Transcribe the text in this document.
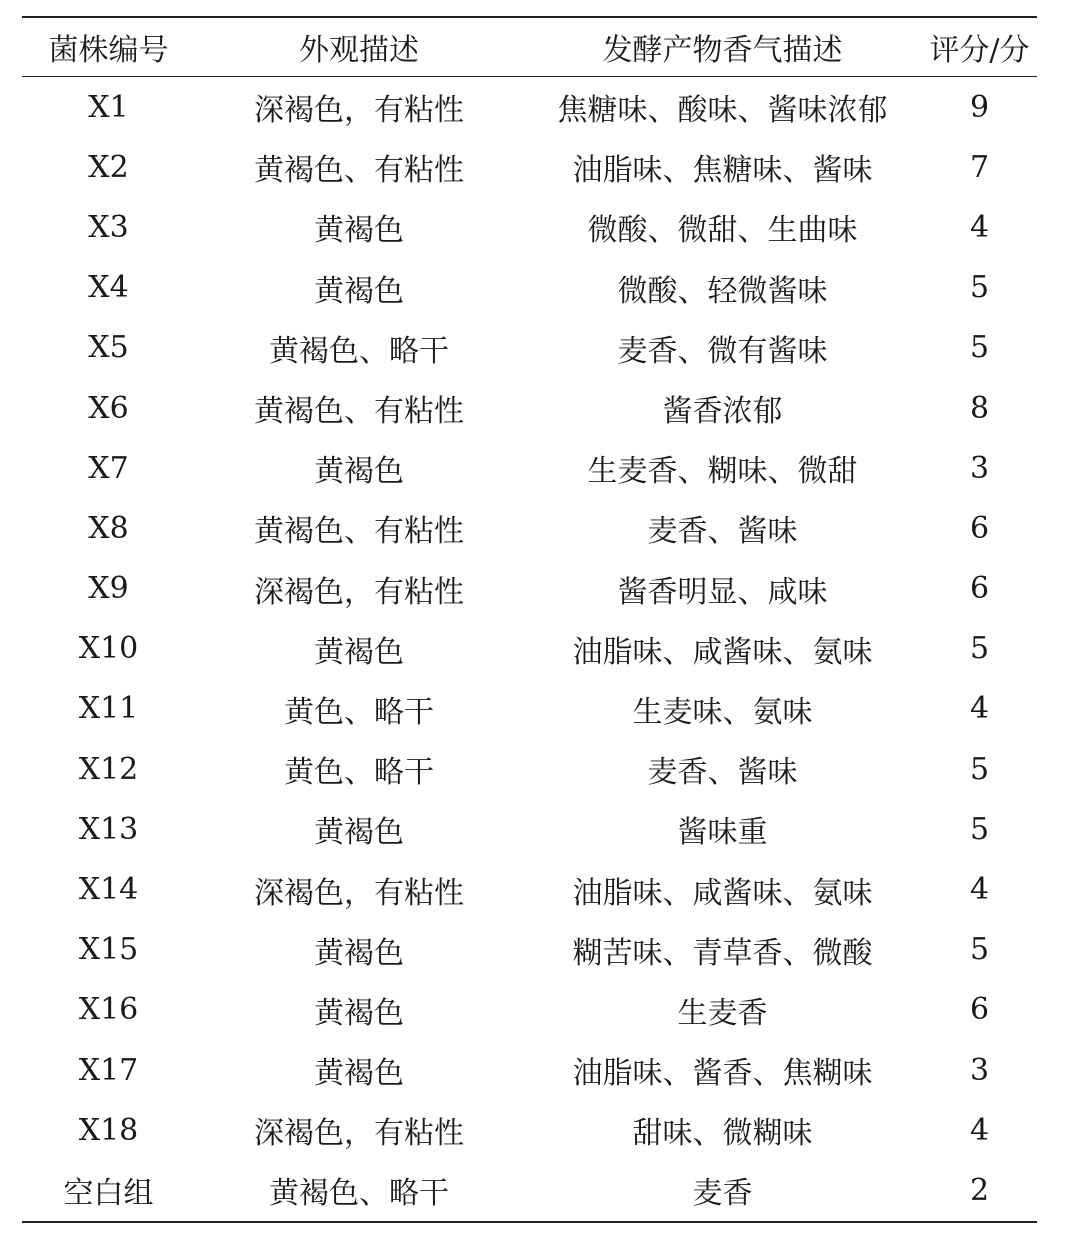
菌株编号	外观描述	发酵产物香气描述	评分/分
X1	深褐色，有粘性	焦糖味、酸味、酱味浓郁	9
X2	黄褐色、有粘性	油脂味、焦糖味、酱味	7
X3	黄褐色	微酸、微甜、生曲味	4
X4	黄褐色	微酸、轻微酱味	5
X5	黄褐色、略干	麦香、微有酱味	5
X6	黄褐色、有粘性	酱香浓郁	8
X7	黄褐色	生麦香、糊味、微甜	3
X8	黄褐色、有粘性	麦香、酱味	6
X9	深褐色，有粘性	酱香明显、咸味	6
X10	黄褐色	油脂味、咸酱味、氨味	5
X11	黄色、略干	生麦味、氨味	4
X12	黄色、略干	麦香、酱味	5
X13	黄褐色	酱味重	5
X14	深褐色，有粘性	油脂味、咸酱味、氨味	4
X15	黄褐色	糊苦味、青草香、微酸	5
X16	黄褐色	生麦香	6
X17	黄褐色	油脂味、酱香、焦糊味	3
X18	深褐色，有粘性	甜味、微糊味	4
空白组	黄褐色、略干	麦香	2
